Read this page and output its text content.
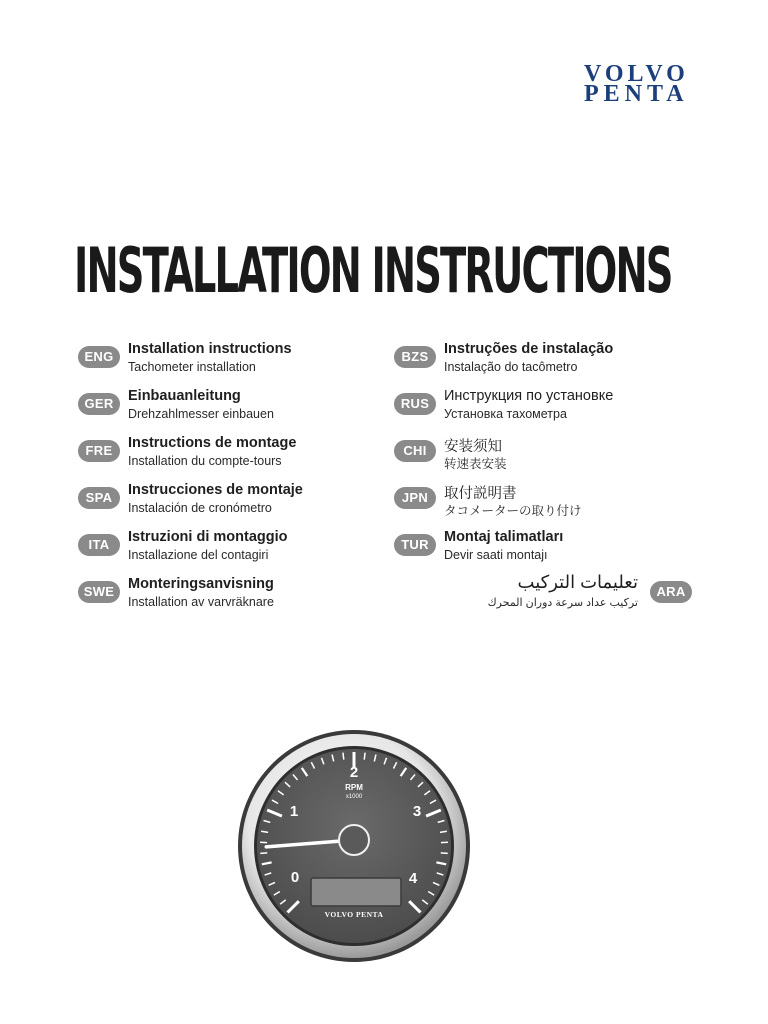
VOLVO
PENTA
INSTALLATION INSTRUCTIONS
ENG Installation instructions
Tachometer installation
GER Einbauanleitung
Drehzahlmesser einbauen
FRE	Instructions de montage
Installation du compte-tours
SPA	Instrucciones de montaje
Instalación de cronómetro
ITA	Istruzioni di montaggio
Installazione del contagiri
SWE Monteringsanvisning
Installation av varvräknare
BZS	Instruções de instalação
Instalação do tacômetro
RUS	Инструкция по установке
Установка тахометра
CHI	安装须知
转速表安装
JPN	取付説明書
タコメーターの取り付け
TUR	Montaj talimatları
Devir saati montajı
ARA
تعليمات التركيب
تركيب عداد سرعة دوران المحرك
2
1	3
0	4
RPM
x1000
VOLVO PENTA
